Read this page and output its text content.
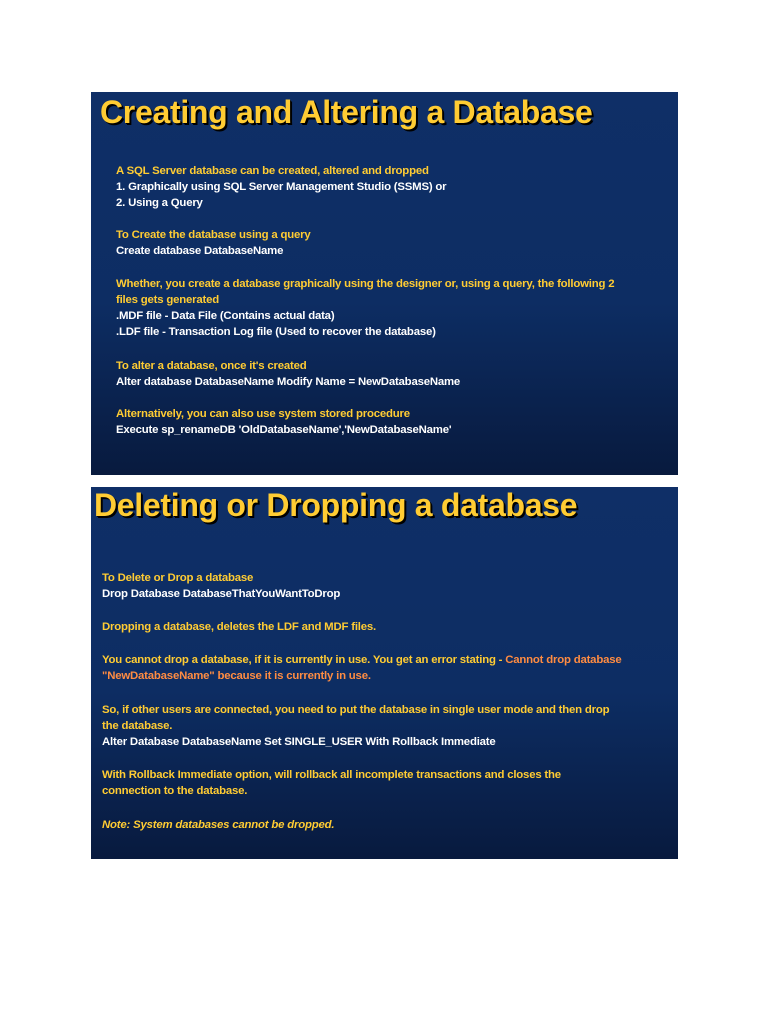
Creating and Altering a Database
A SQL Server database can be created, altered and dropped
1. Graphically using SQL Server Management Studio (SSMS) or
2. Using a Query
To Create the database using a query
Create database DatabaseName
Whether, you create a database graphically using the designer or, using a query, the following 2
files gets generated
.MDF file - Data File (Contains actual data)
.LDF file - Transaction Log file (Used to recover the database)
To alter a database, once it's created
Alter database DatabaseName Modify Name = NewDatabaseName
Alternatively, you can also use system stored procedure
Execute sp_renameDB 'OldDatabaseName','NewDatabaseName'
Deleting or Dropping a database
To Delete or Drop a database
Drop Database DatabaseThatYouWantToDrop
Dropping a database, deletes the LDF and MDF files.
You cannot drop a database, if it is currently in use. You get an error stating - Cannot drop database
"NewDatabaseName" because it is currently in use.
So, if other users are connected, you need to put the database in single user mode and then drop
the database.
Alter Database DatabaseName Set SINGLE_USER With Rollback Immediate
With Rollback Immediate option, will rollback all incomplete transactions and closes the
connection to the database.
Note: System databases cannot be dropped.
